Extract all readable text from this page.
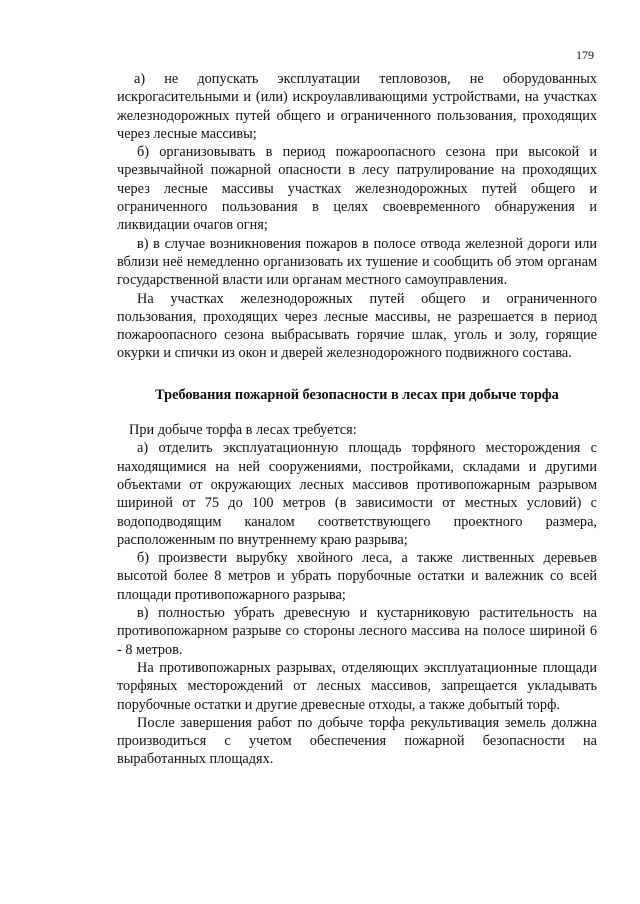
179

а) не допускать эксплуатации тепловозов, не оборудованных искрогасительными и (или) искроулавливающими устройствами, на участках железнодорожных путей общего и ограниченного пользования, проходящих через лесные массивы;

б) организовывать в период пожароопасного сезона при высокой и чрезвычайной пожарной опасности в лесу патрулирование на проходящих через лесные массивы участках железнодорожных путей общего и ограниченного пользования в целях своевременного обнаружения и ликвидации очагов огня;

в) в случае возникновения пожаров в полосе отвода железной дороги или вблизи неё немедленно организовать их тушение и сообщить об этом органам государственной власти или органам местного самоуправления.

На участках железнодорожных путей общего и ограниченного пользования, проходящих через лесные массивы, не разрешается в период пожароопасного сезона выбрасывать горячие шлак, уголь и золу, горящие окурки и спички из окон и дверей железнодорожного подвижного состава.

Требования пожарной безопасности в лесах при добыче торфа

При добыче торфа в лесах требуется:

а) отделить эксплуатационную площадь торфяного месторождения с находящимися на ней сооружениями, постройками, складами и другими объектами от окружающих лесных массивов противопожарным разрывом шириной от 75 до 100 метров (в зависимости от местных условий) с водоподводящим каналом соответствующего проектного размера, расположенным по внутреннему краю разрыва;

б) произвести вырубку хвойного леса, а также лиственных деревьев высотой более 8 метров и убрать порубочные остатки и валежник со всей площади противопожарного разрыва;

в) полностью убрать древесную и кустарниковую растительность на противопожарном разрыве со стороны лесного массива на полосе шириной 6 - 8 метров.

На противопожарных разрывах, отделяющих эксплуатационные площади торфяных месторождений от лесных массивов, запрещается укладывать порубочные остатки и другие древесные отходы, а также добытый торф.

После завершения работ по добыче торфа рекультивация земель должна производиться с учетом обеспечения пожарной безопасности на выработанных площадях.
